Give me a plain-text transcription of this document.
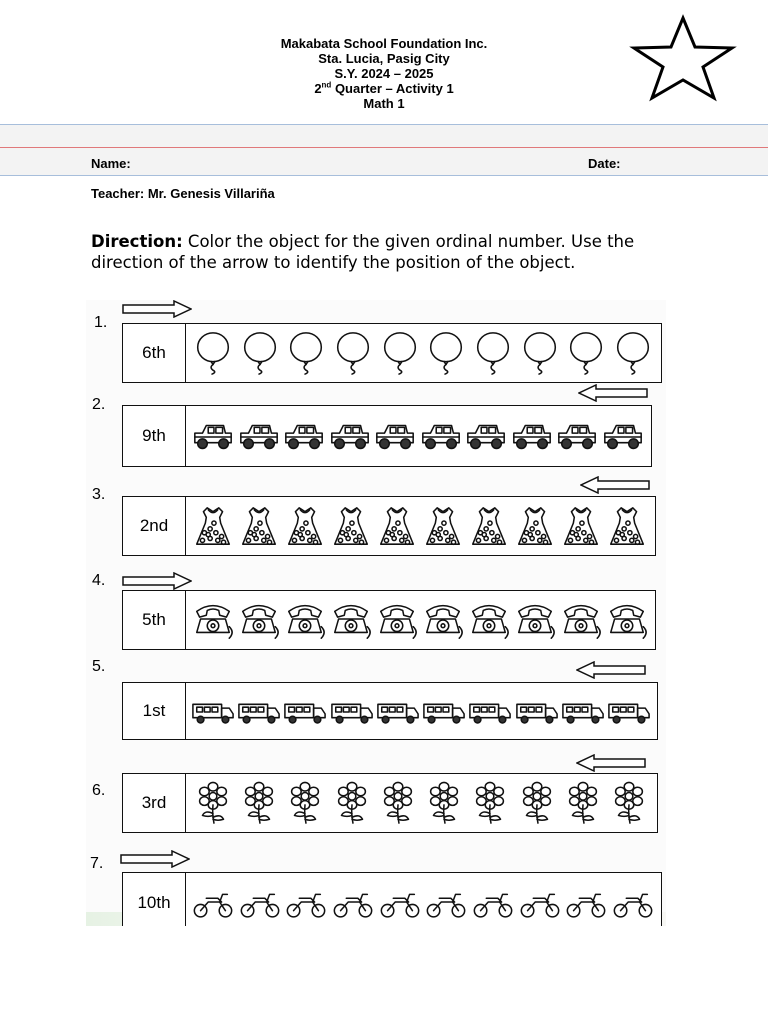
Makabata School Foundation Inc.
Sta. Lucia, Pasig City
S.Y. 2024 – 2025
2nd Quarter – Activity 1
Math 1
Name:	Date:
Teacher: Mr. Genesis Villariña
Direction: Color the object for the given ordinal number. Use the direction of the arrow to identify the position of the object.
1.
6th
2.
9th
3.
2nd
4.
5th
5.
1st
6.
3rd
7.
10th
